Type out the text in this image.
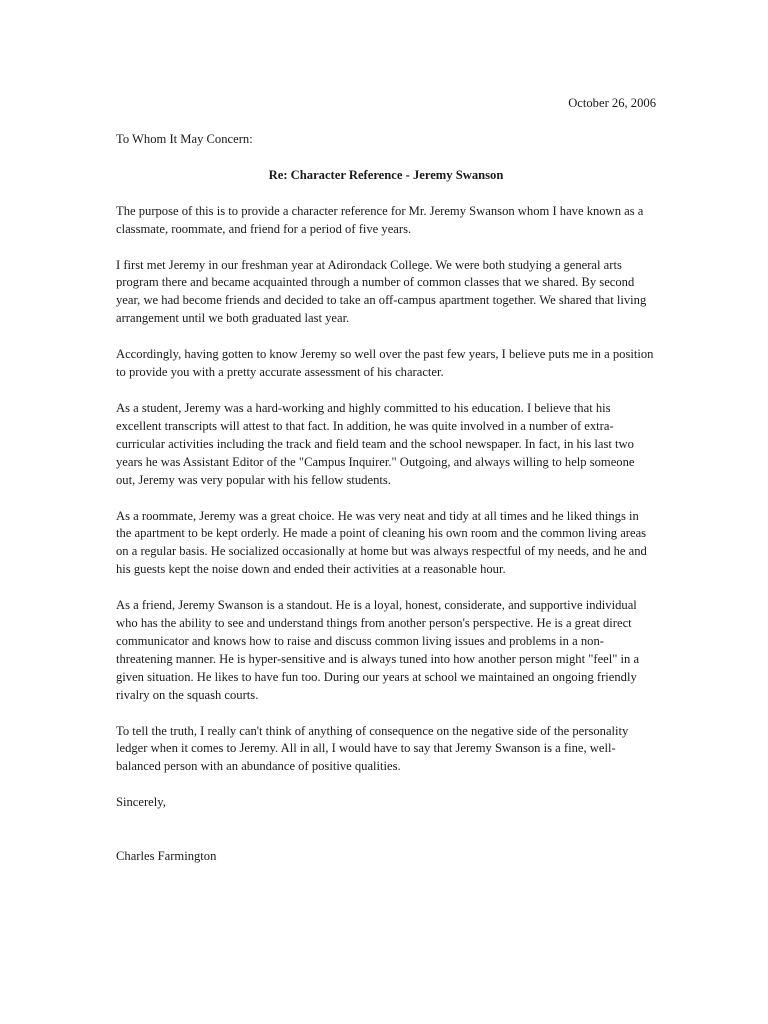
October 26, 2006

To Whom It May Concern:

Re: Character Reference - Jeremy Swanson

The purpose of this is to provide a character reference for Mr. Jeremy Swanson whom I have known as a classmate, roommate, and friend for a period of five years.

I first met Jeremy in our freshman year at Adirondack College. We were both studying a general arts program there and became acquainted through a number of common classes that we shared. By second year, we had become friends and decided to take an off-campus apartment together. We shared that living arrangement until we both graduated last year.

Accordingly, having gotten to know Jeremy so well over the past few years, I believe puts me in a position to provide you with a pretty accurate assessment of his character.

As a student, Jeremy was a hard-working and highly committed to his education. I believe that his excellent transcripts will attest to that fact. In addition, he was quite involved in a number of extra-curricular activities including the track and field team and the school newspaper. In fact, in his last two years he was Assistant Editor of the "Campus Inquirer." Outgoing, and always willing to help someone out, Jeremy was very popular with his fellow students.

As a roommate, Jeremy was a great choice. He was very neat and tidy at all times and he liked things in the apartment to be kept orderly. He made a point of cleaning his own room and the common living areas on a regular basis. He socialized occasionally at home but was always respectful of my needs, and he and his guests kept the noise down and ended their activities at a reasonable hour.

As a friend, Jeremy Swanson is a standout. He is a loyal, honest, considerate, and supportive individual who has the ability to see and understand things from another person's perspective. He is a great direct communicator and knows how to raise and discuss common living issues and problems in a non-threatening manner. He is hyper-sensitive and is always tuned into how another person might "feel" in a given situation. He likes to have fun too. During our years at school we maintained an ongoing friendly rivalry on the squash courts.

To tell the truth, I really can't think of anything of consequence on the negative side of the personality ledger when it comes to Jeremy. All in all, I would have to say that Jeremy Swanson is a fine, well-balanced person with an abundance of positive qualities.

Sincerely,

Charles Farmington
